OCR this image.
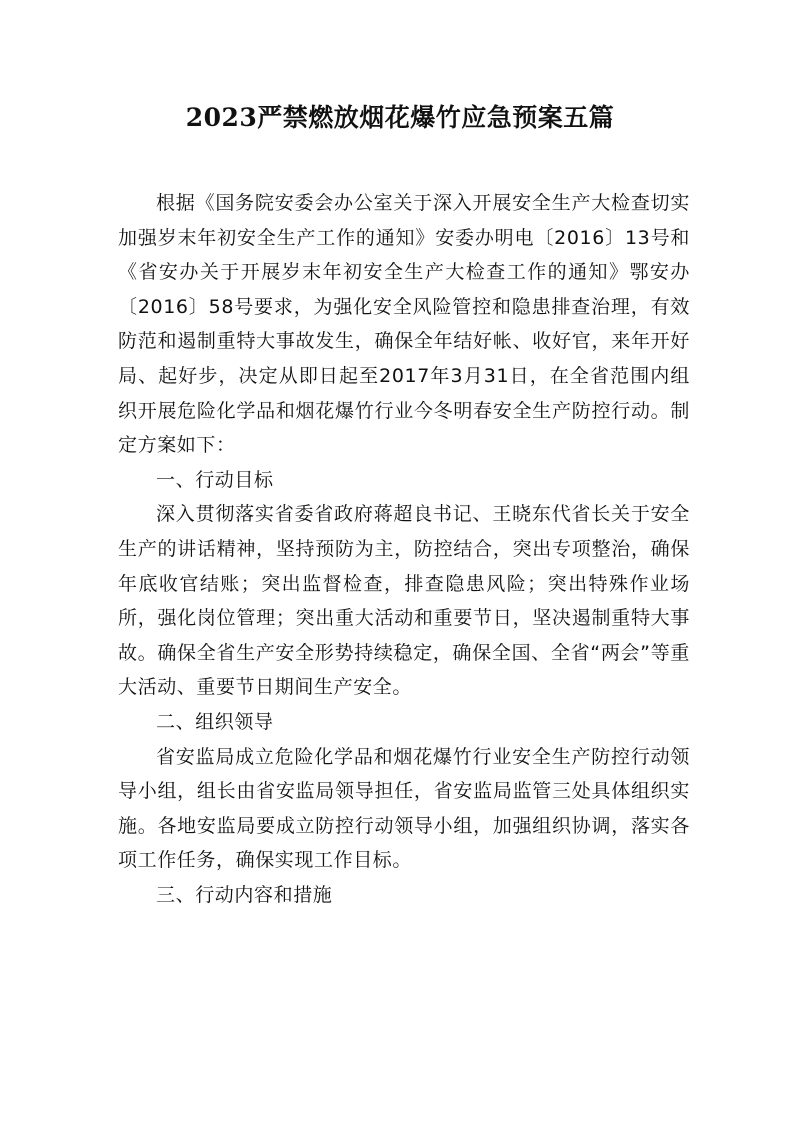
2023严禁燃放烟花爆竹应急预案五篇

根据《国务院安委会办公室关于深入开展安全生产大检查切实加强岁末年初安全生产工作的通知》安委办明电〔2016〕13号和《省安办关于开展岁末年初安全生产大检查工作的通知》鄂安办〔2016〕58号要求，为强化安全风险管控和隐患排查治理，有效防范和遏制重特大事故发生，确保全年结好帐、收好官，来年开好局、起好步，决定从即日起至2017年3月31日，在全省范围内组织开展危险化学品和烟花爆竹行业今冬明春安全生产防控行动。制定方案如下：

一、行动目标

深入贯彻落实省委省政府蒋超良书记、王晓东代省长关于安全生产的讲话精神，坚持预防为主，防控结合，突出专项整治，确保年底收官结账；突出监督检查，排查隐患风险；突出特殊作业场所，强化岗位管理；突出重大活动和重要节日，坚决遏制重特大事故。确保全省生产安全形势持续稳定，确保全国、全省“两会”等重大活动、重要节日期间生产安全。

二、组织领导

省安监局成立危险化学品和烟花爆竹行业安全生产防控行动领导小组，组长由省安监局领导担任，省安监局监管三处具体组织实施。各地安监局要成立防控行动领导小组，加强组织协调，落实各项工作任务，确保实现工作目标。

三、行动内容和措施
